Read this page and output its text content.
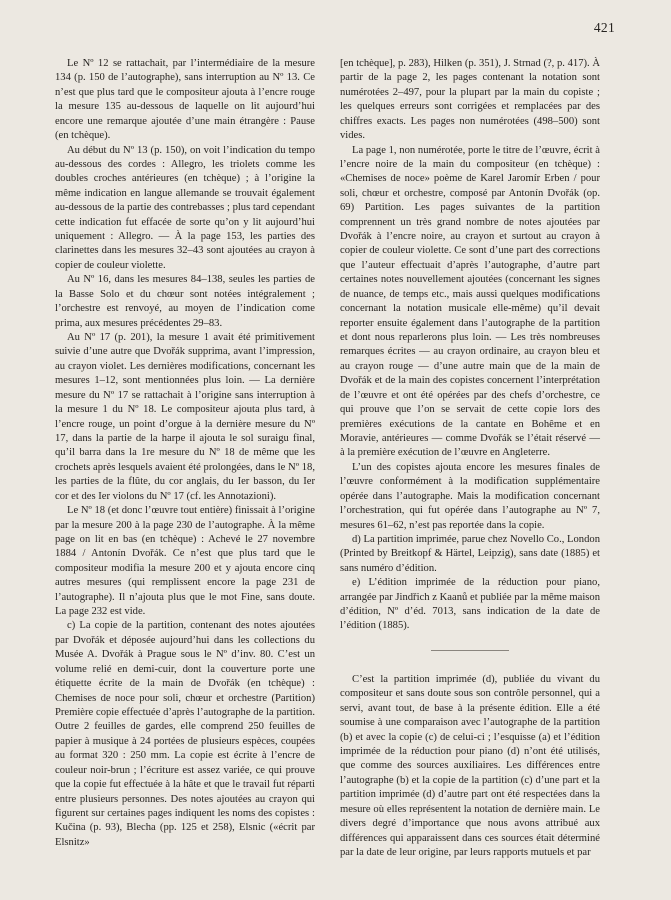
421

Le Nº 12 se rattachait, par l’intermédiaire de la mesure 134 (p. 150 de l’autographe), sans interruption au Nº 13. Ce n’est que plus tard que le compositeur ajouta à l’encre rouge la mesure 135 au-dessous de laquelle on lit aujourd’hui encore une remarque ajoutée d’une main étrangère : Pause (en tchèque).

Au début du Nº 13 (p. 150), on voit l’indication du tempo au-dessous des cordes : Allegro, les triolets comme les doubles croches antérieures (en tchèque) ; à l’origine la même indication en langue allemande se trouvait également au-dessous de la partie des contrebasses ; plus tard cependant cette indication fut effacée de sorte qu’on y lit aujourd’hui uniquement : Allegro. — À la page 153, les parties des clarinettes dans les mesures 32–43 sont ajoutées au crayon à copier de couleur violette.

Au Nº 16, dans les mesures 84–138, seules les parties de la Basse Solo et du chœur sont notées intégralement ; l’orchestre est renvoyé, au moyen de l’indication come prima, aux mesures précédentes 29–83.

Au Nº 17 (p. 201), la mesure 1 avait été primitivement suivie d’une autre que Dvořák supprima, avant l’impression, au crayon violet. Les dernières modifications, concernant les mesures 1–12, sont mentionnées plus loin. — La dernière mesure du Nº 17 se rattachait à l’origine sans interruption à la mesure 1 du Nº 18. Le compositeur ajouta plus tard, à l’encre rouge, un point d’orgue à la dernière mesure du Nº 17, dans la partie de la harpe il ajouta le sol suraigu final, qu’il barra dans la 1re mesure du Nº 18 de même que les crochets après lesquels avaient été prolongées, dans le Nº 18, les parties de la flûte, du cor anglais, du Ier basson, du Ier cor et des Ier violons du Nº 17 (cf. les Annotazioni).

Le Nº 18 (et donc l’œuvre tout entière) finissait à l’origine par la mesure 200 à la page 230 de l’autographe. À la même page on lit en bas (en tchèque) : Achevé le 27 novembre 1884 / Antonín Dvořák. Ce n’est que plus tard que le compositeur modifia la mesure 200 et y ajouta encore cinq autres mesures (qui remplissent encore la page 231 de l’autographe). Il n’ajouta plus que le mot Fine, sans doute. La page 232 est vide.

c) La copie de la partition, contenant des notes ajoutées par Dvořák et déposée aujourd’hui dans les collections du Musée A. Dvořák à Prague sous le Nº d’inv. 80. C’est un volume relié en demi-cuir, dont la couverture porte une étiquette écrite de la main de Dvořák (en tchèque) : Chemises de noce pour soli, chœur et orchestre (Partition) Première copie effectuée d’après l’autographe de la partition. Outre 2 feuilles de gardes, elle comprend 250 feuilles de papier à musique à 24 portées de plusieurs espèces, coupées au format 320 : 250 mm. La copie est écrite à l’encre de couleur noir-brun ; l’écriture est assez variée, ce qui prouve que la copie fut effectuée à la hâte et que le travail fut réparti entre plusieurs personnes. Des notes ajoutées au crayon qui figurent sur certaines pages indiquent les noms des copistes : Kučina (p. 93), Blecha (pp. 125 et 258), Elsnic («écrit par Elsnitz»

[en tchèque], p. 283), Hilken (p. 351), J. Strnad (?, p. 417). À partir de la page 2, les pages contenant la notation sont numérotées 2–497, pour la plupart par la main du copiste ; les quelques erreurs sont corrigées et remplacées par des chiffres exacts. Les pages non numérotées (498–500) sont vides.

La page 1, non numérotée, porte le titre de l’œuvre, écrit à l’encre noire de la main du compositeur (en tchèque) : «Chemises de noce» poème de Karel Jaromír Erben / pour soli, chœur et orchestre, composé par Antonín Dvořák (op. 69) Partition. Les pages suivantes de la partition comprennent un très grand nombre de notes ajoutées par Dvořák à l’encre noire, au crayon et surtout au crayon à copier de couleur violette. Ce sont d’une part des corrections que l’auteur effectuait d’après l’autographe, d’autre part certaines notes nouvellement ajoutées (concernant les signes de nuance, de temps etc., mais aussi quelques modifications concernant la notation musicale elle-même) qu’il devait reporter ensuite également dans l’autographe de la partition et dont nous reparlerons plus loin. — Les très nombreuses remarques écrites — au crayon ordinaire, au crayon bleu et au crayon rouge — d’une autre main que de la main de Dvořák et de la main des copistes concernent l’interprétation de l’œuvre et ont été opérées par des chefs d’orchestre, ce qui prouve que l’on se servait de cette copie lors des premières exécutions de la cantate en Bohême et en Moravie, antérieures — comme Dvořák se l’était réservé — à la première exécution de l’œuvre en Angleterre.

L’un des copistes ajouta encore les mesures finales de l’œuvre conformément à la modification supplémentaire opérée dans l’autographe. Mais la modification concernant l’orchestration, qui fut opérée dans l’autographe au Nº 7, mesures 61–62, n’est pas reportée dans la copie.

d) La partition imprimée, parue chez Novello Co., London (Printed by Breitkopf & Härtel, Leipzig), sans date (1885) et sans numéro d’édition.

e) L’édition imprimée de la réduction pour piano, arrangée par Jindřich z Kaanů et publiée par la même maison d’édition, Nº d’éd. 7013, sans indication de la date de l’édition (1885).

C’est la partition imprimée (d), publiée du vivant du compositeur et sans doute sous son contrôle personnel, qui a servi, avant tout, de base à la présente édition. Elle a été soumise à une comparaison avec l’autographe de la partition (b) et avec la copie (c) de celui-ci ; l’esquisse (a) et l’édition imprimée de la réduction pour piano (d) n’ont été utilisés, que comme des sources auxiliaires. Les différences entre l’autographe (b) et la copie de la partition (c) d’une part et la partition imprimée (d) d’autre part ont été respectées dans la mesure où elles représentent la notation de dernière main. Le divers degré d’importance que nous avons attribué aux différences qui apparaissent dans ces sources était déterminé par la date de leur origine, par leurs rapports mutuels et par
